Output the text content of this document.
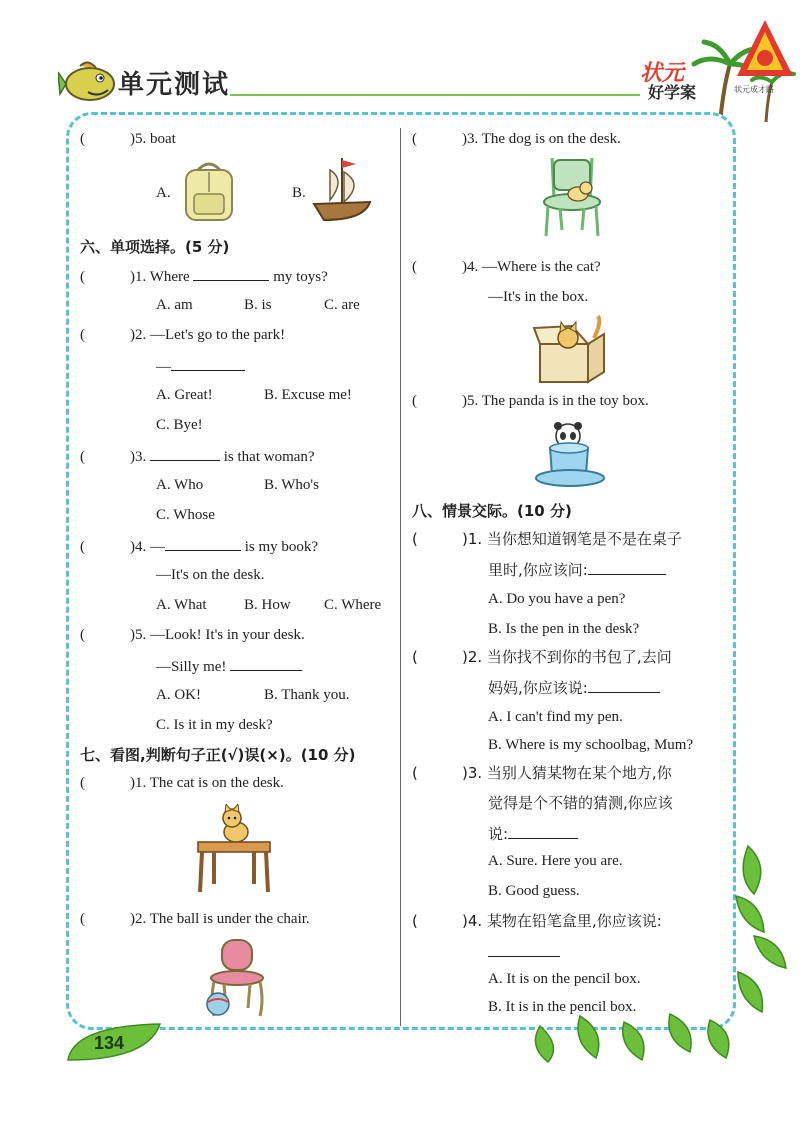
单元测试	状元
好学案	状元成才路
(	)5. boat
A.	B.
六、单项选择。(5 分)
(	)1. Where	my toys?
A. am	B. is	C. are
(	)2. —Let's go to the park!
—
A. Great!	B. Excuse me!
C. Bye!
(	)3.	is that woman?
A. Who	B. Who's
C. Whose
(	)4. —	is my book?
—It's on the desk.
A. What B. How C. Where
(	)5. —Look! It's in your desk.
—Silly me!
A. OK!	B. Thank you.
C. Is it in my desk?
七、看图,判断句子正(√)误(×)。(10 分)
(	)1. The cat is on the desk.
(	)2. The ball is under the chair.
(	)3. The dog is on the desk.
(	)4. —Where is the cat?
—It's in the box.
(	)5. The panda is in the toy box.
八、情景交际。(10 分)
(	)1. 当你想知道钢笔是不是在桌子
里时,你应该问:
A. Do you have a pen?
B. Is the pen in the desk?
(	)2. 当你找不到你的书包了,去问
妈妈,你应该说:
A. I can't find my pen.
B. Where is my schoolbag, Mum?
(	)3. 当别人猜某物在某个地方,你
觉得是个不错的猜测,你应该
说:
A. Sure. Here you are.
B. Good guess.
(	)4. 某物在铅笔盒里,你应该说:
A. It is on the pencil box.
B. It is in the pencil box.
134
